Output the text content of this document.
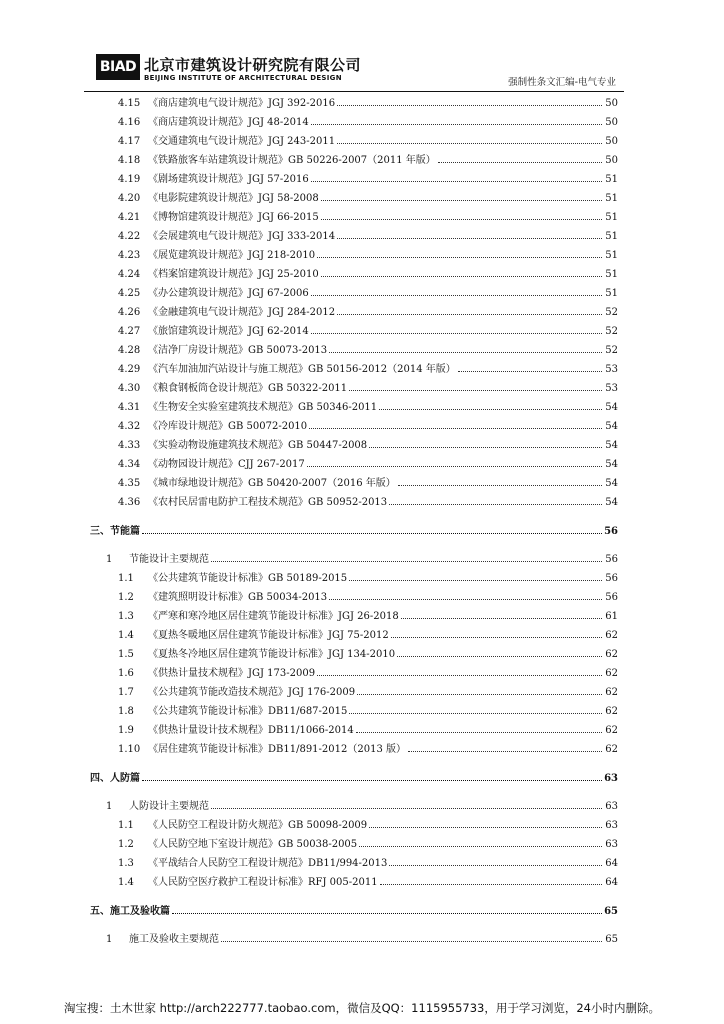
BIAD 北京市建筑设计研究院有限公司
BEIJING INSTITUTE OF ARCHITECTURAL DESIGN	强制性条文汇编-电气专业
4.15 《商店建筑电气设计规范》JGJ 392-2016	50
4.16 《商店建筑设计规范》JGJ 48-2014	50
4.17 《交通建筑电气设计规范》JGJ 243-2011	50
4.18 《铁路旅客车站建筑设计规范》GB 50226-2007（2011 年版）	50
4.19 《剧场建筑设计规范》JGJ 57-2016	51
4.20 《电影院建筑设计规范》JGJ 58-2008	51
4.21 《博物馆建筑设计规范》JGJ 66-2015	51
4.22 《会展建筑电气设计规范》JGJ 333-2014	51
4.23 《展览建筑设计规范》JGJ 218-2010	51
4.24 《档案馆建筑设计规范》JGJ 25-2010	51
4.25 《办公建筑设计规范》JGJ 67-2006	51
4.26 《金融建筑电气设计规范》JGJ 284-2012	52
4.27 《旅馆建筑设计规范》JGJ 62-2014	52
4.28 《洁净厂房设计规范》GB 50073-2013	52
4.29 《汽车加油加汽站设计与施工规范》GB 50156-2012（2014 年版）	53
4.30 《粮食钢板筒仓设计规范》GB 50322-2011	53
4.31 《生物安全实验室建筑技术规范》GB 50346-2011	54
4.32 《冷库设计规范》GB 50072-2010	54
4.33 《实验动物设施建筑技术规范》GB 50447-2008	54
4.34 《动物园设计规范》CJJ 267-2017	54
4.35 《城市绿地设计规范》GB 50420-2007（2016 年版）	54
4.36 《农村民居雷电防护工程技术规范》GB 50952-2013	54
三、节能篇	56
1	节能设计主要规范	56
1.1	《公共建筑节能设计标准》GB 50189-2015	56
1.2	《建筑照明设计标准》GB 50034-2013	56
1.3	《严寒和寒冷地区居住建筑节能设计标准》JGJ 26-2018	61
1.4	《夏热冬暖地区居住建筑节能设计标准》JGJ 75-2012	62
1.5	《夏热冬冷地区居住建筑节能设计标准》JGJ 134-2010	62
1.6	《供热计量技术规程》JGJ 173-2009	62
1.7	《公共建筑节能改造技术规范》JGJ 176-2009	62
1.8	《公共建筑节能设计标准》DB11/687-2015	62
1.9	《供热计量设计技术规程》DB11/1066-2014	62
1.10 《居住建筑节能设计标准》DB11/891-2012（2013 版）	62
四、人防篇	63
1	人防设计主要规范	63
1.1	《人民防空工程设计防火规范》GB 50098-2009	63
1.2	《人民防空地下室设计规范》GB 50038-2005	63
1.3	《平战结合人民防空工程设计规范》DB11/994-2013	64
1.4	《人民防空医疗救护工程设计标准》RFJ 005-2011	64
五、施工及验收篇	65
1	施工及验收主要规范	65
淘宝搜：土木世家 http://arch222777.taobao.com，微信及QQ：1115955733，用于学习浏览，24小时内删除。
